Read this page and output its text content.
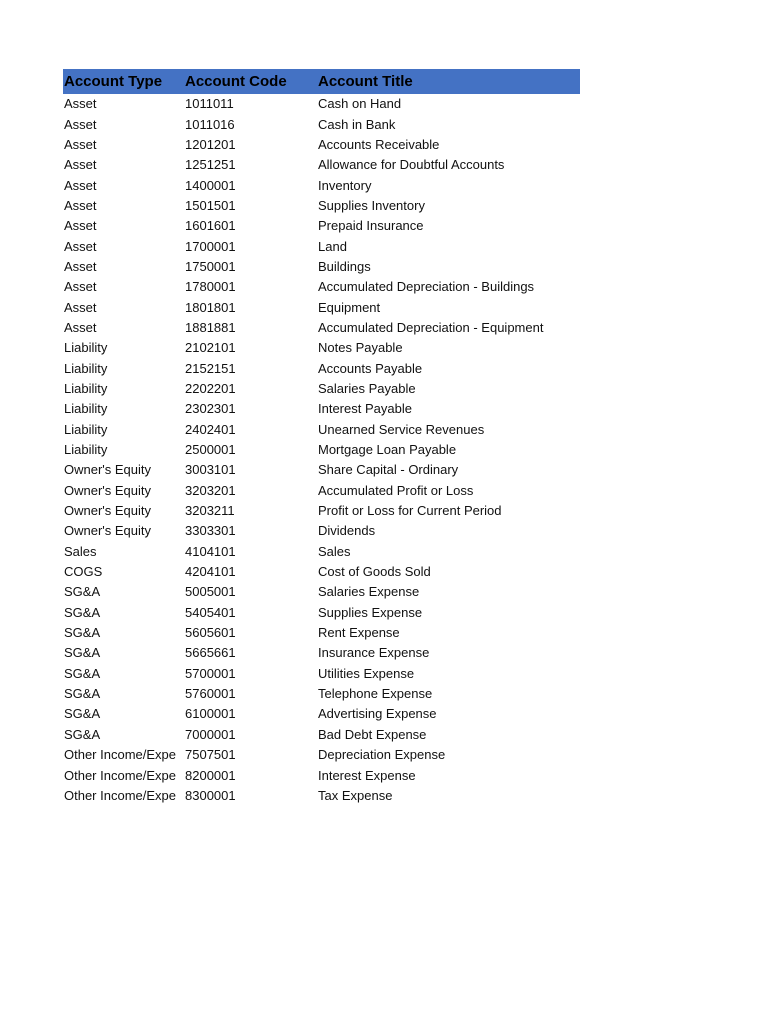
Account Type	Account Code	Account Title
Asset	1011011	Cash on Hand
Asset	1011016	Cash in Bank
Asset	1201201	Accounts Receivable
Asset	1251251	Allowance for Doubtful Accounts
Asset	1400001	Inventory
Asset	1501501	Supplies Inventory
Asset	1601601	Prepaid Insurance
Asset	1700001	Land
Asset	1750001	Buildings
Asset	1780001	Accumulated Depreciation - Buildings
Asset	1801801	Equipment
Asset	1881881	Accumulated Depreciation - Equipment
Liability	2102101	Notes Payable
Liability	2152151	Accounts Payable
Liability	2202201	Salaries Payable
Liability	2302301	Interest Payable
Liability	2402401	Unearned Service Revenues
Liability	2500001	Mortgage Loan Payable
Owner's Equity	3003101	Share Capital - Ordinary
Owner's Equity	3203201	Accumulated Profit or Loss
Owner's Equity	3203211	Profit or Loss for Current Period
Owner's Equity	3303301	Dividends
Sales	4104101	Sales
COGS	4204101	Cost of Goods Sold
SG&A	5005001	Salaries Expense
SG&A	5405401	Supplies Expense
SG&A	5605601	Rent Expense
SG&A	5665661	Insurance Expense
SG&A	5700001	Utilities Expense
SG&A	5760001	Telephone Expense
SG&A	6100001	Advertising Expense
SG&A	7000001	Bad Debt Expense
Other Income/Expe 7507501	Depreciation Expense
Other Income/Expe 8200001	Interest Expense
Other Income/Expe 8300001	Tax Expense
